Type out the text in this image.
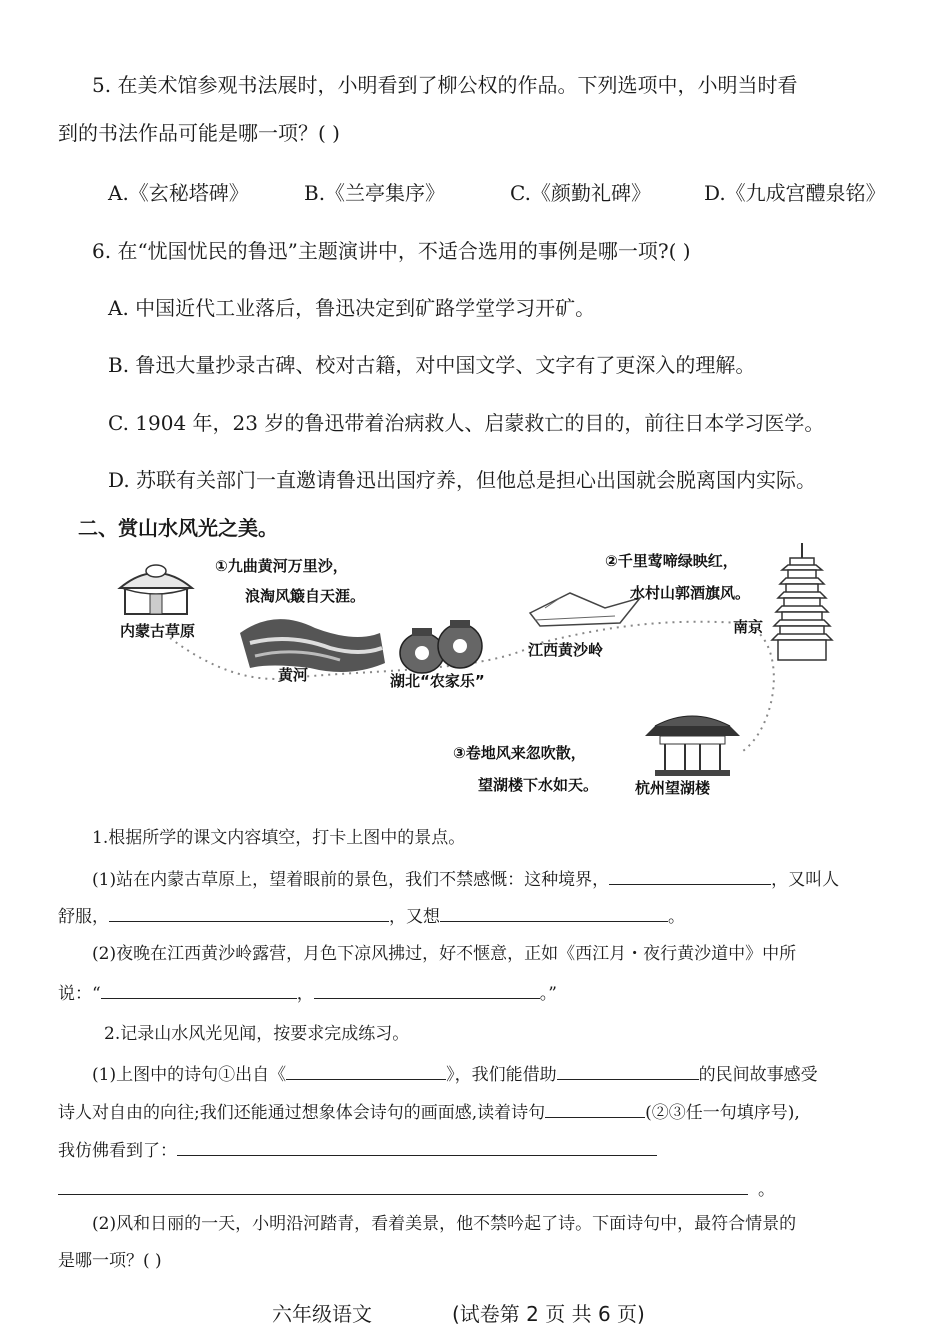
5. 在美术馆参观书法展时，小明看到了柳公权的作品。下列选项中，小明当时看
到的书法作品可能是哪一项？( )
A.《玄秘塔碑》	B.《兰亭集序》	C.《颜勤礼碑》	D.《九成宫醴泉铭》
6. 在“忧国忧民的鲁迅”主题演讲中，不适合选用的事例是哪一项?( )
A. 中国近代工业落后，鲁迅决定到矿路学堂学习开矿。
B. 鲁迅大量抄录古碑、校对古籍，对中国文学、文字有了更深入的理解。
C. 1904 年，23 岁的鲁迅带着治病救人、启蒙救亡的目的，前往日本学习医学。
D. 苏联有关部门一直邀请鲁迅出国疗养，但他总是担心出国就会脱离国内实际。
二、赏山水风光之美。
①九曲黄河万里沙，
浪淘风簸自天涯。
②千里莺啼绿映红，
水村山郭酒旗风。
③卷地风来忽吹散，
望湖楼下水如天。
内蒙古草原
黄河	湖北“农家乐”
江西黄沙岭
南京
杭州望湖楼
1.根据所学的课文内容填空，打卡上图中的景点。
(1)站在内蒙古草原上，望着眼前的景色，我们不禁感慨：这种境界，	，又叫人
舒服，	，又想	。
(2)夜晚在江西黄沙岭露营，月色下凉风拂过，好不惬意，正如《西江月・夜行黄沙道中》中所
说：“	，	。”
2.记录山水风光见闻，按要求完成练习。
(1)上图中的诗句①出自《	》，我们能借助	的民间故事感受
诗人对自由的向往;我们还能通过想象体会诗句的画面感,读着诗句	(②③任一句填序号),
我仿佛看到了：
。
(2)风和日丽的一天，小明沿河踏青，看着美景，他不禁吟起了诗。下面诗句中，最符合情景的
是哪一项？( )
六年级语文	(试卷第 2 页 共 6 页)
